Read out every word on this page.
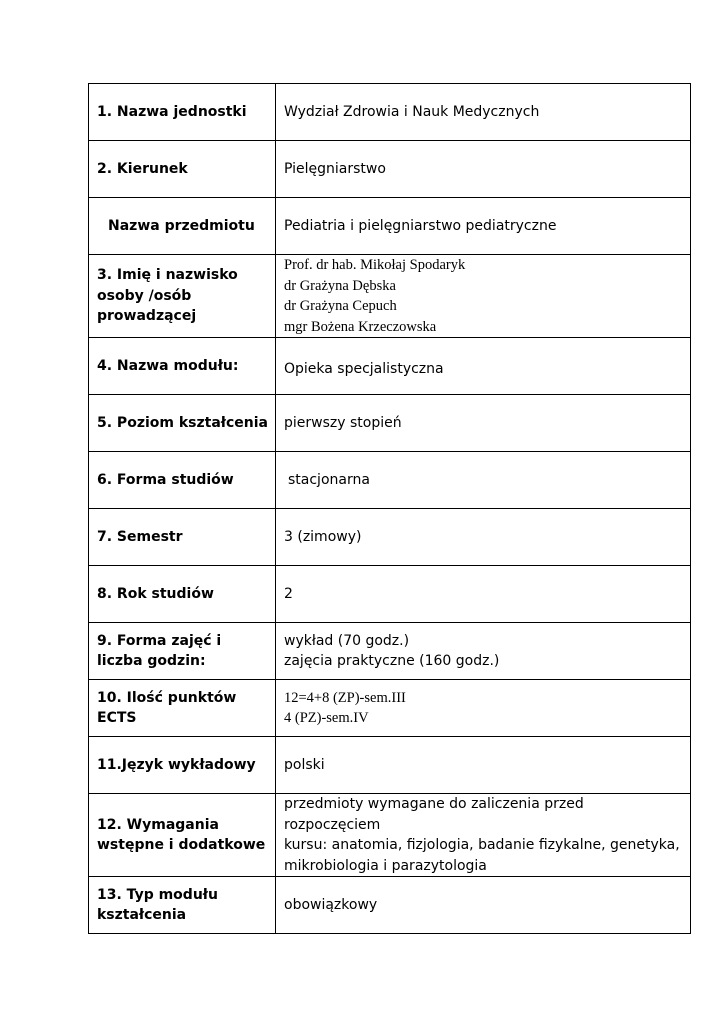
1. Nazwa jednostki	Wydział Zdrowia i Nauk Medycznych

2. Kierunek	Pielęgniarstwo

Nazwa przedmiotu	Pediatria i pielęgniarstwo pediatryczne

3. Imię i nazwisko
osoby /osób
prowadzącej	Prof. dr hab. Mikołaj Spodaryk
dr Grażyna Dębska
dr Grażyna Cepuch
mgr Bożena Krzeczowska

4. Nazwa modułu:	Opieka specjalistyczna

5. Poziom kształcenia	pierwszy stopień

6. Forma studiów	stacjonarna

7. Semestr	3 (zimowy)

8. Rok studiów	2

9. Forma zajęć i
liczba godzin:	wykład (70 godz.)
zajęcia praktyczne (160 godz.)

10. Ilość punktów
ECTS	12=4+8 (ZP)-sem.III
4 (PZ)-sem.IV

11.Język wykładowy	polski

12. Wymagania
wstępne i dodatkowe	przedmioty wymagane do zaliczenia przed rozpoczęciem
kursu: anatomia, fizjologia, badanie fizykalne, genetyka,
mikrobiologia i parazytologia

13. Typ modułu
kształcenia	obowiązkowy
